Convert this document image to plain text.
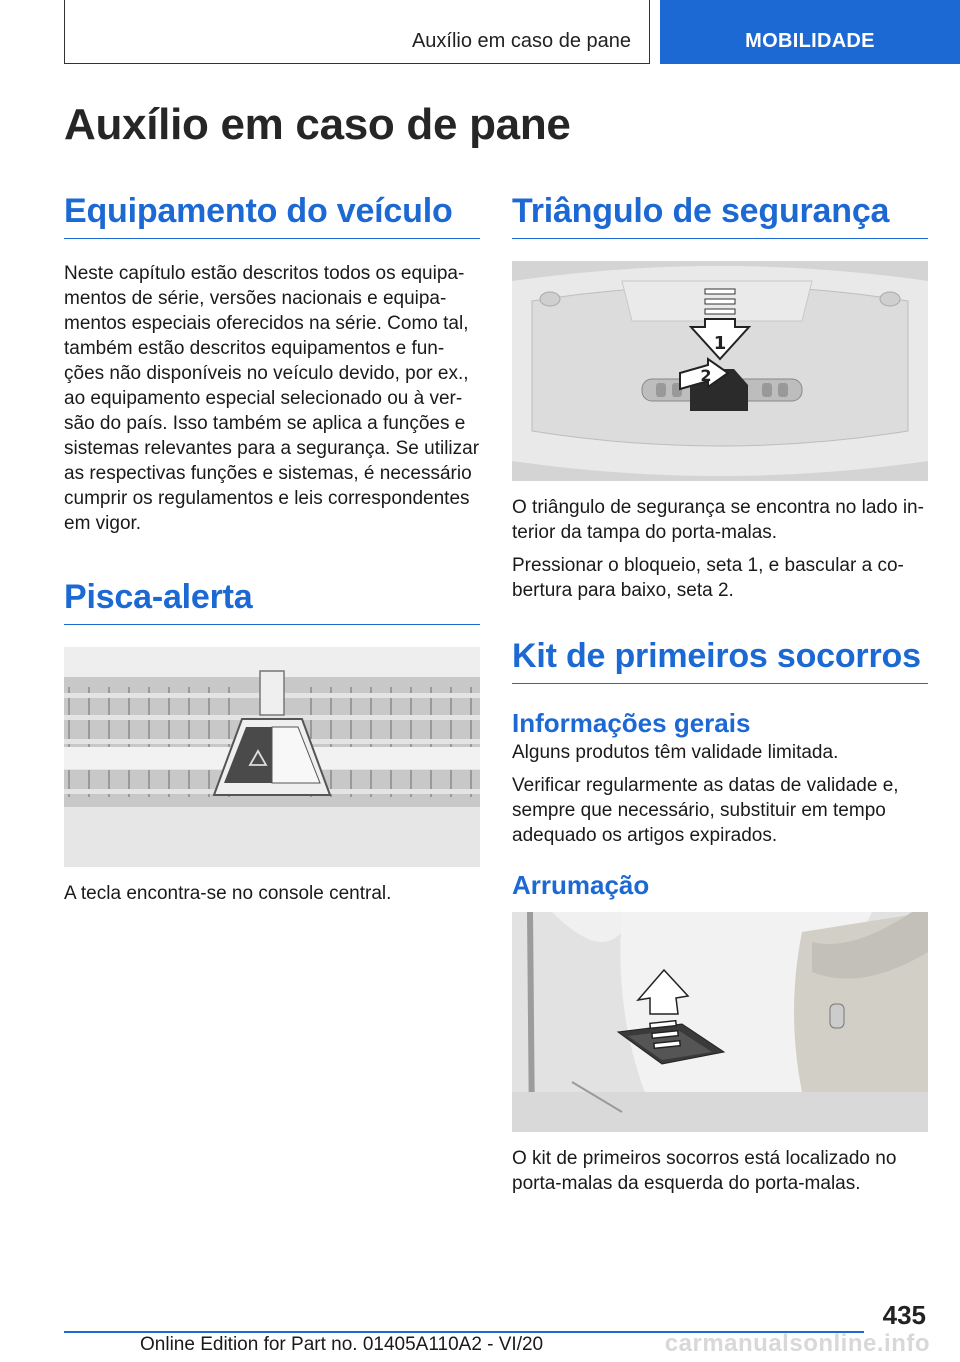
Auxílio em caso de pane	MOBILIDADE
Auxílio em caso de pane
Equipamento do veículo

Neste capítulo estão descritos todos os equipa-
mentos de série, versões nacionais e equipa-
mentos especiais oferecidos na série. Como tal,
também estão descritos equipamentos e fun-
ções não disponíveis no veículo devido, por ex.,
ao equipamento especial selecionado ou à ver-
são do país. Isso também se aplica a funções e
sistemas relevantes para a segurança. Se utilizar
as respectivas funções e sistemas, é necessário
cumprir os regulamentos e leis correspondentes
em vigor.

Pisca-alerta

A tecla encontra-se no console central.

Triângulo de segurança
1
2

O triângulo de segurança se encontra no lado in-
terior da tampa do porta-malas.

Pressionar o bloqueio, seta 1, e bascular a co-
bertura para baixo, seta 2.

Kit de primeiros socorros
Informações gerais

Alguns produtos têm validade limitada.

Verificar regularmente as datas de validade e,
sempre que necessário, substituir em tempo
adequado os artigos expirados.

Arrumação

O kit de primeiros socorros está localizado no
porta-malas da esquerda do porta-malas.

435
Online Edition for Part no. 01405A110A2 - VI/20	carmanualsonline.info
